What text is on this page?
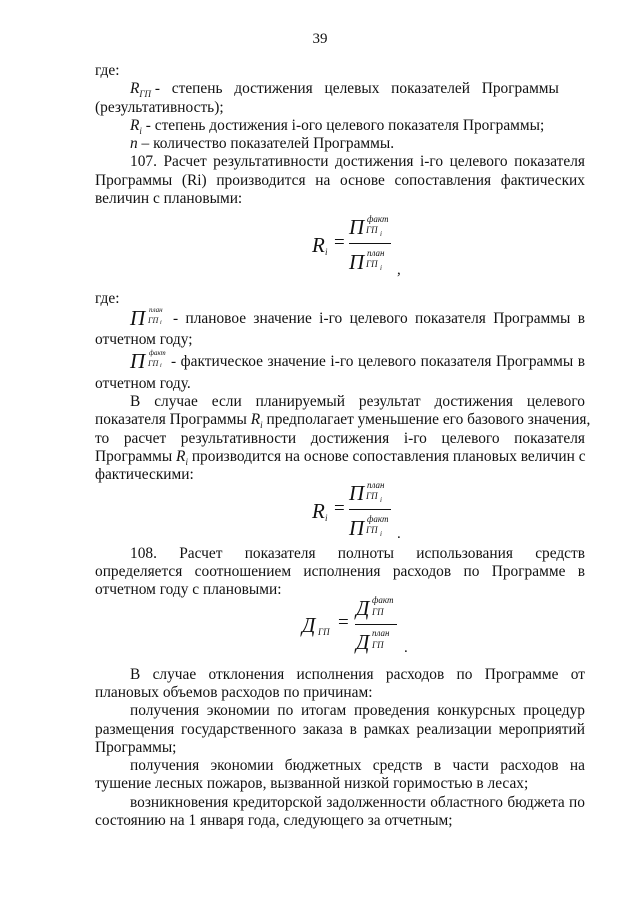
39
где:
$R_{ГП}$ - степень достижения целевых показателей Программы
(результативность);
$R_i$ - степень достижения i-ого целевого показателя Программы;
n – количество показателей Программы.
107. Расчет результативности достижения i-го целевого показателя
Программы (Ri) производится на основе сопоставления фактических
величин с плановыми:
R i =
П факт
ГП i
П план
ГП i ,
где:
П план
ГП i - плановое значение i-го целевого показателя Программы в
отчетном году;
П факт
ГП i - фактическое значение i-го целевого показателя Программы в
отчетном году.
В случае если планируемый результат достижения целевого
показателя Программы $R_i$ предполагает уменьшение его базового значения,
то расчет результативности достижения i-го целевого показателя
Программы $R_i$ производится на основе сопоставления плановых величин с
фактическими:
R i =
П план
ГП i
П факт
ГП i .
108. Расчет показателя полноты использования средств
определяется соотношением исполнения расходов по Программе в
отчетном году с плановыми:
Д ГП =
Д факт
ГП
Д план
ГП .
В случае отклонения исполнения расходов по Программе от
плановых объемов расходов по причинам:
получения экономии по итогам проведения конкурсных процедур
размещения государственного заказа в рамках реализации мероприятий
Программы;
получения экономии бюджетных средств в части расходов на
тушение лесных пожаров, вызванной низкой горимостью в лесах;
возникновения кредиторской задолженности областного бюджета по
состоянию на 1 января года, следующего за отчетным;
